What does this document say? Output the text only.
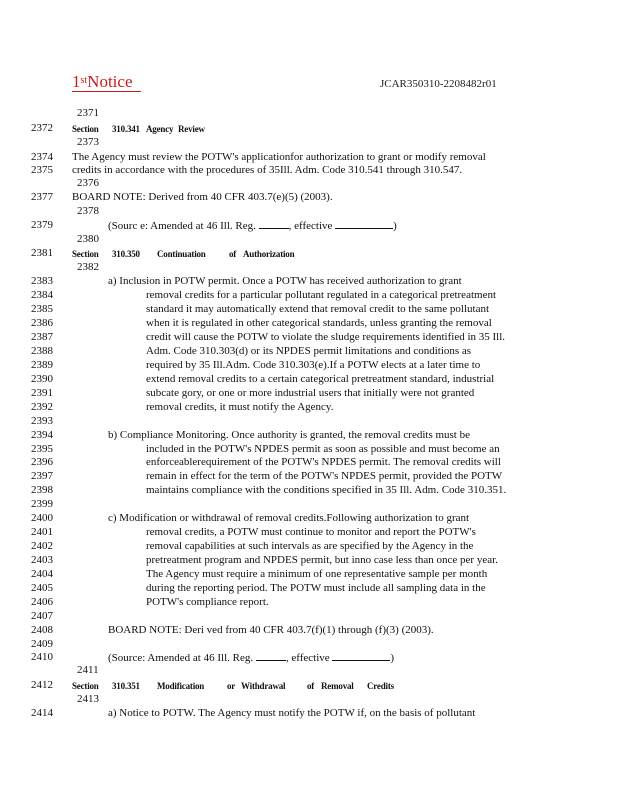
1stNotice	JCAR350310-2208482r01
2371
2372
2373
2374
2375
2376
2377
2378
2379
2380
2381
2382
2383
2384
2385
2386
2387
2388
2389
2390
2391
2392
2393
2394
2395
2396
2397
2398
2399
2400
2401
2402
2403
2404
2405
2406
2407
2408
2409
2410
2411
2412
2413
2414
Section 310.341 Agency Review
The Agency must review the POTW's applicationfor authorization to grant or modify removal
credits in accordance with the procedures of 35Ill. Adm. Code 310.541 through 310.547.
BOARD NOTE: Derived from 40 CFR 403.7(e)(5) (2003).
(Sourc e: Amended at 46 Ill. Reg.	, effective	)
Section 310.350 Continuation	of Authorization
a) Inclusion in POTW permit. Once a POTW has received authorization to grant
removal credits for a particular pollutant regulated in a categorical pretreatment
standard it may automatically extend that removal credit to the same pollutant
when it is regulated in other categorical standards, unless granting the removal
credit will cause the POTW to violate the sludge requirements identified in 35 Ill.
Adm. Code 310.303(d) or its NPDES permit limitations and conditions as
required by 35 Ill.Adm. Code 310.303(e).If a POTW elects at a later time to
extend removal credits to a certain categorical pretreatment standard, industrial
subcate gory, or one or more industrial users that initially were not granted
removal credits, it must notify the Agency.
b) Compliance Monitoring. Once authority is granted, the removal credits must be
included in the POTW's NPDES permit as soon as possible and must become an
enforceablerequirement of the POTW's NPDES permit. The removal credits will
remain in effect for the term of the POTW's NPDES permit, provided the POTW
maintains compliance with the conditions specified in 35 Ill. Adm. Code 310.351.
c) Modification or withdrawal of removal credits.Following authorization to grant
removal credits, a POTW must continue to monitor and report the POTW's
removal capabilities at such intervals as are specified by the Agency in the
pretreatment program and NPDES permit, but inno case less than once per year.
The Agency must require a minimum of one representative sample per month
during the reporting period. The POTW must include all sampling data in the
POTW's compliance report.
BOARD NOTE: Deri ved from 40 CFR 403.7(f)(1) through (f)(3) (2003).
(Source: Amended at 46 Ill. Reg.	, effective	)
Section 310.351 Modification	or Withdrawal of Removal Credits
a) Notice to POTW. The Agency must notify the POTW if, on the basis of pollutant
